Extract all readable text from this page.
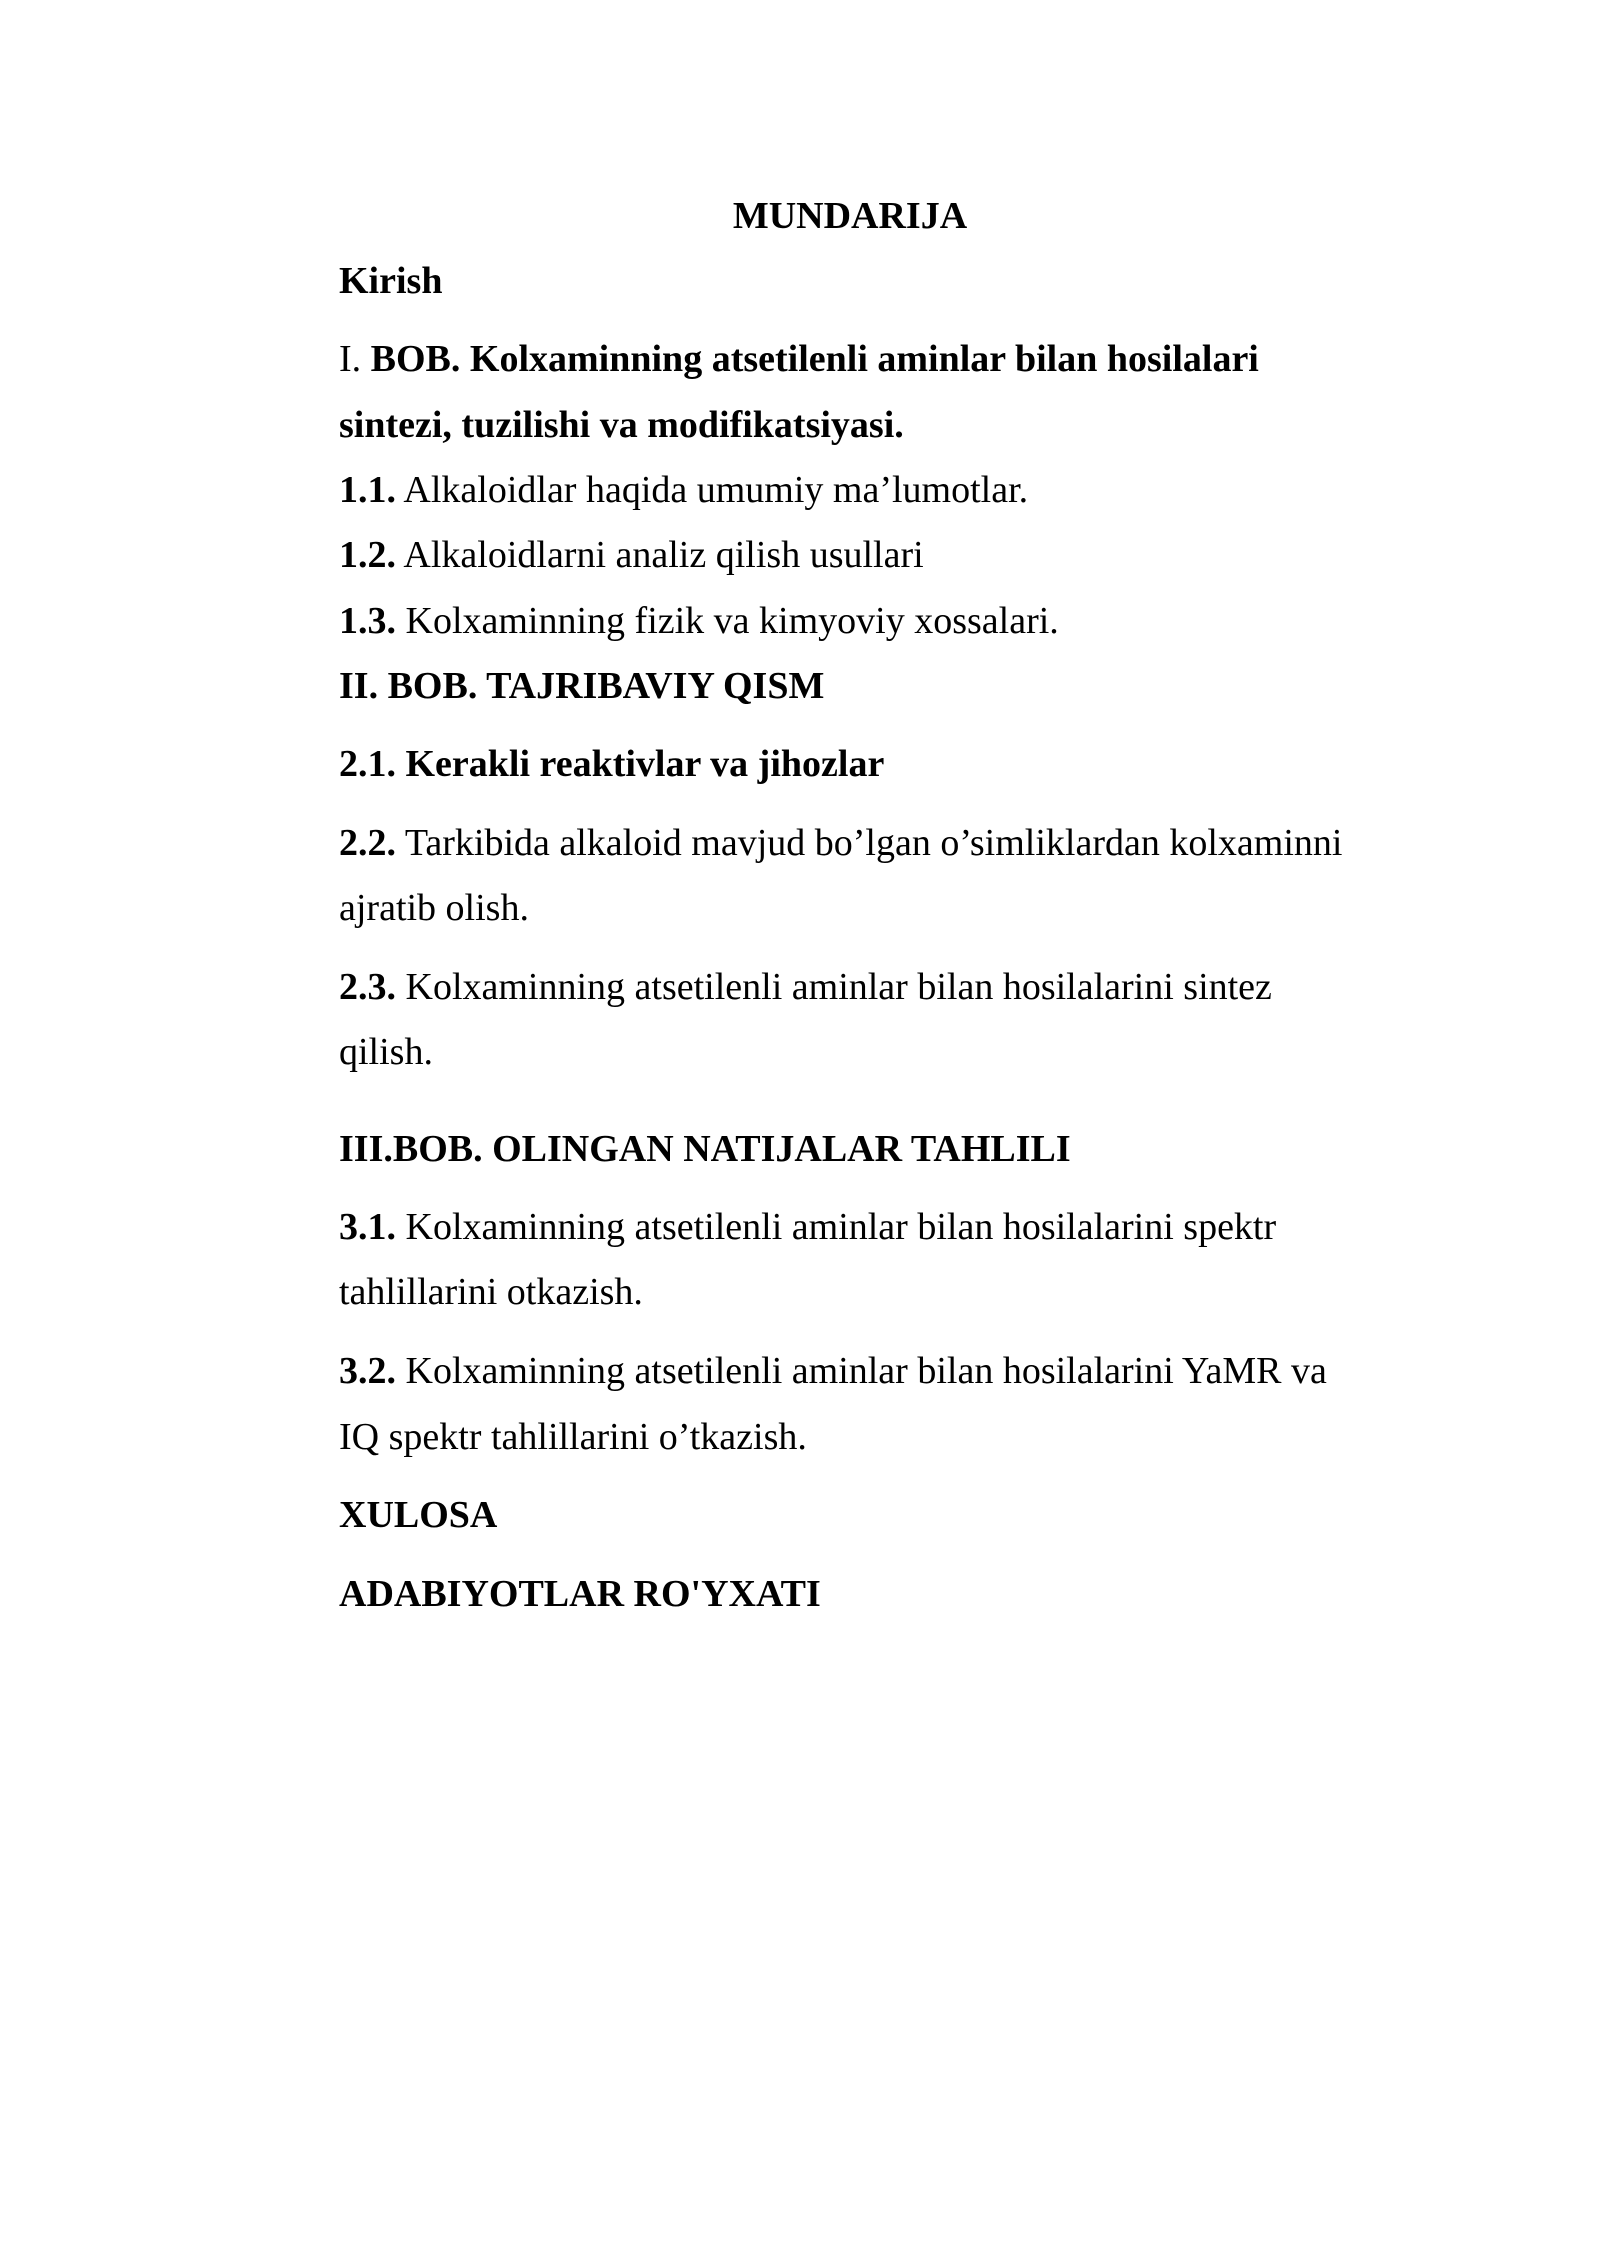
MUNDARIJA
Kirish
I. BOB. Kolxaminning atsetilenli aminlar bilan hosilalari
sintezi, tuzilishi va modifikatsiyasi.
1.1. Alkaloidlar haqida umumiy ma’lumotlar.
1.2. Alkaloidlarni analiz qilish usullari
1.3. Kolxaminning fizik va kimyoviy xossalari.
II. BOB. TAJRIBAVIY QISM
2.1. Kerakli reaktivlar va jihozlar
2.2. Tarkibida alkaloid mavjud bo’lgan o’simliklardan kolxaminni
ajratib olish.
2.3. Kolxaminning atsetilenli aminlar bilan hosilalarini sintez
qilish.
III.BOB. OLINGAN NATIJALAR TAHLILI
3.1. Kolxaminning atsetilenli aminlar bilan hosilalarini spektr
tahlillarini otkazish.
3.2. Kolxaminning atsetilenli aminlar bilan hosilalarini YaMR va
IQ spektr tahlillarini o’tkazish.
XULOSA
ADABIYOTLAR RO'YXATI
